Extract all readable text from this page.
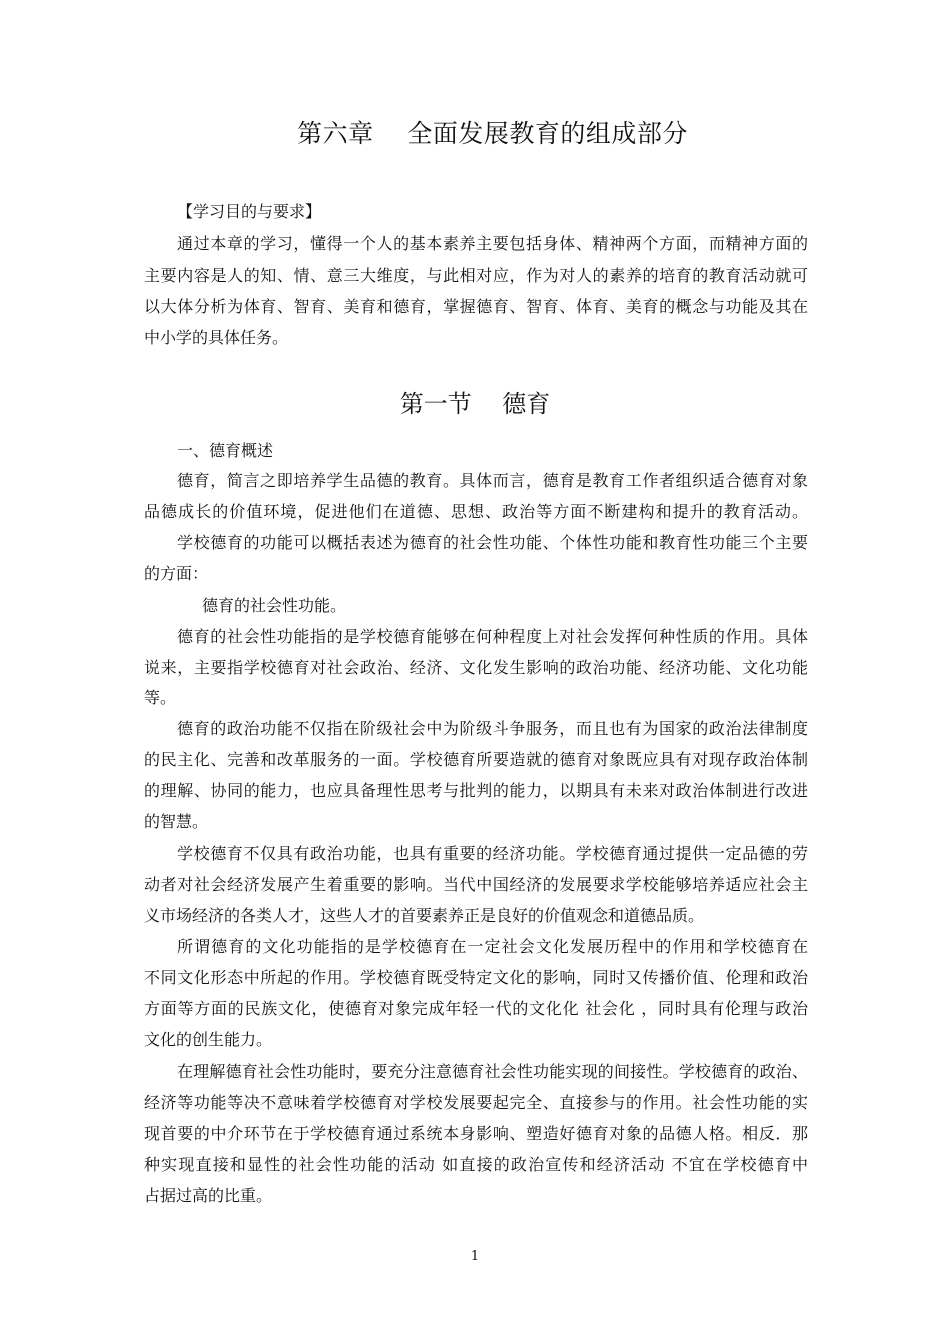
第六章    全面发展教育的组成部分
【学习目的与要求】
通过本章的学习，懂得一个人的基本素养主要包括身体、精神两个方面，而精神方面的
主要内容是人的知、情、意三大维度，与此相对应，作为对人的素养的培育的教育活动就可
以大体分析为体育、智育、美育和德育，掌握德育、智育、体育、美育的概念与功能及其在
中小学的具体任务。
第一节    德育
一、德育概述
德育，简言之即培养学生品德的教育。具体而言，德育是教育工作者组织适合德育对象
品德成长的价值环境，促进他们在道德、思想、政治等方面不断建构和提升的教育活动。
学校德育的功能可以概括表述为德育的社会性功能、个体性功能和教育性功能三个主要
的方面：
德育的社会性功能。
德育的社会性功能指的是学校德育能够在何种程度上对社会发挥何种性质的作用。具体
说来，主要指学校德育对社会政治、经济、文化发生影响的政治功能、经济功能、文化功能
等。
德育的政治功能不仅指在阶级社会中为阶级斗争服务，而且也有为国家的政治法律制度
的民主化、完善和改革服务的一面。学校德育所要造就的德育对象既应具有对现存政治体制
的理解、协同的能力，也应具备理性思考与批判的能力，以期具有未来对政治体制进行改进
的智慧。
学校德育不仅具有政治功能，也具有重要的经济功能。学校德育通过提供一定品德的劳
动者对社会经济发展产生着重要的影响。当代中国经济的发展要求学校能够培养适应社会主
义市场经济的各类人才，这些人才的首要素养正是良好的价值观念和道德品质。
所谓德育的文化功能指的是学校德育在一定社会文化发展历程中的作用和学校德育在
不同文化形态中所起的作用。学校德育既受特定文化的影响，同时又传播价值、伦理和政治
方面等方面的民族文化，使德育对象完成年轻一代的文化化 社会化 ，同时具有伦理与政治
文化的创生能力。
在理解德育社会性功能时，要充分注意德育社会性功能实现的间接性。学校德育的政治、
经济等功能等决不意味着学校德育对学校发展要起完全、直接参与的作用。社会性功能的实
现首要的中介环节在于学校德育通过系统本身影响、塑造好德育对象的品德人格。相反．那
种实现直接和显性的社会性功能的活动 如直接的政治宣传和经济活动 不宜在学校德育中
占据过高的比重。
1
